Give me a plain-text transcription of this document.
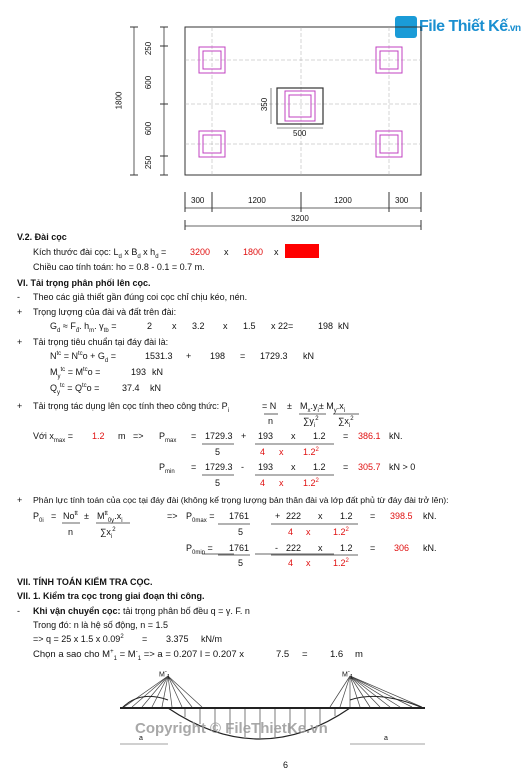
File Thiết Kế.vn
250
600
600
250
1800	350
500
300	1200	1200	300
3200
V.2. Đài cọc
Kích thước đài cọc: $L_d$ x $B_d$ x $h_d$ =	3200 x 1800 x
Chiều cao tính toán: ho = 0.8 - 0.1 = 0.7 m.
VI. Tải trọng phân phối lên cọc.
- Theo các giả thiết gần đúng coi cọc chỉ chịu kéo, nén.
+ Trọng lượng của đài và đất trên đài:
$G_d \approx F_đ$. $h_m$. $\gamma_{tb}$ =	2 x 3.2 x 1.5 x 22=	198 kN
+ Tải trọng tiêu chuẩn tại đáy đài là:
$N^{tc} = N^{tc}o + G_d$ =	1531.3 + 198 = 1729.3 kN
$M_y^{tc} = M^{tc}o$ =	193 kN
$Q_y^{tc} = Q^{tc}o$ =	37.4 kN
+ Tải trọng tác dụng lên cọc tính theo công thức: $P_i$	= $N \pm M_x.y_i\pm M_y.x_i$
n	$\sum y_i^2$ $\sum x_i^2$
Với $x_{max} = 1.2$ $m => P_{max} = 1729.3 + 193$ x 1.2 = 386.1 kN.
5	4 x $1.2^2$
$P_{min} = 1729.3 - 193$ x 1.2 = 305.7 kN > 0
5	4 x $1.2^2$
+ Phản lực tính toán của cọc tại đáy đài (không kể trọng lượng bản thân đài và lớp đất phủ từ đáy đài trở lên):
$P_{0i} = No^{tt} \pm M^{tt}_{0y}.x_i$
n	$\sum x_i^2$
=> $P_{0max} = 1761$	+ 222 x 1.2 = 398.5 kN.
5	4 x	$1.2^2$
$P_{0min} = 1761$	- 222 x 1.2 = 306 kN.
5	4 x	$1.2^2$
VII. TÍNH TOÁN KIỂM TRA CỌC.
VII. 1. Kiểm tra cọc trong giai đoạn thi công.
- Khi vận chuyển cọc: tải trọng phân bố đều q = γ. F. n
Trong đó: n là hệ số động, n = 1.5
=> q = 25 x 1.5 x $0.09^2 = 3.375$ kN/m
Chọn a sao cho $M^+_1 = M^-_1 => a = 0.207$ l = 0.207 x	7.5 = 1.6 m
M-1	M-1
a	a
Copyright © FileThietKe.vn
6
